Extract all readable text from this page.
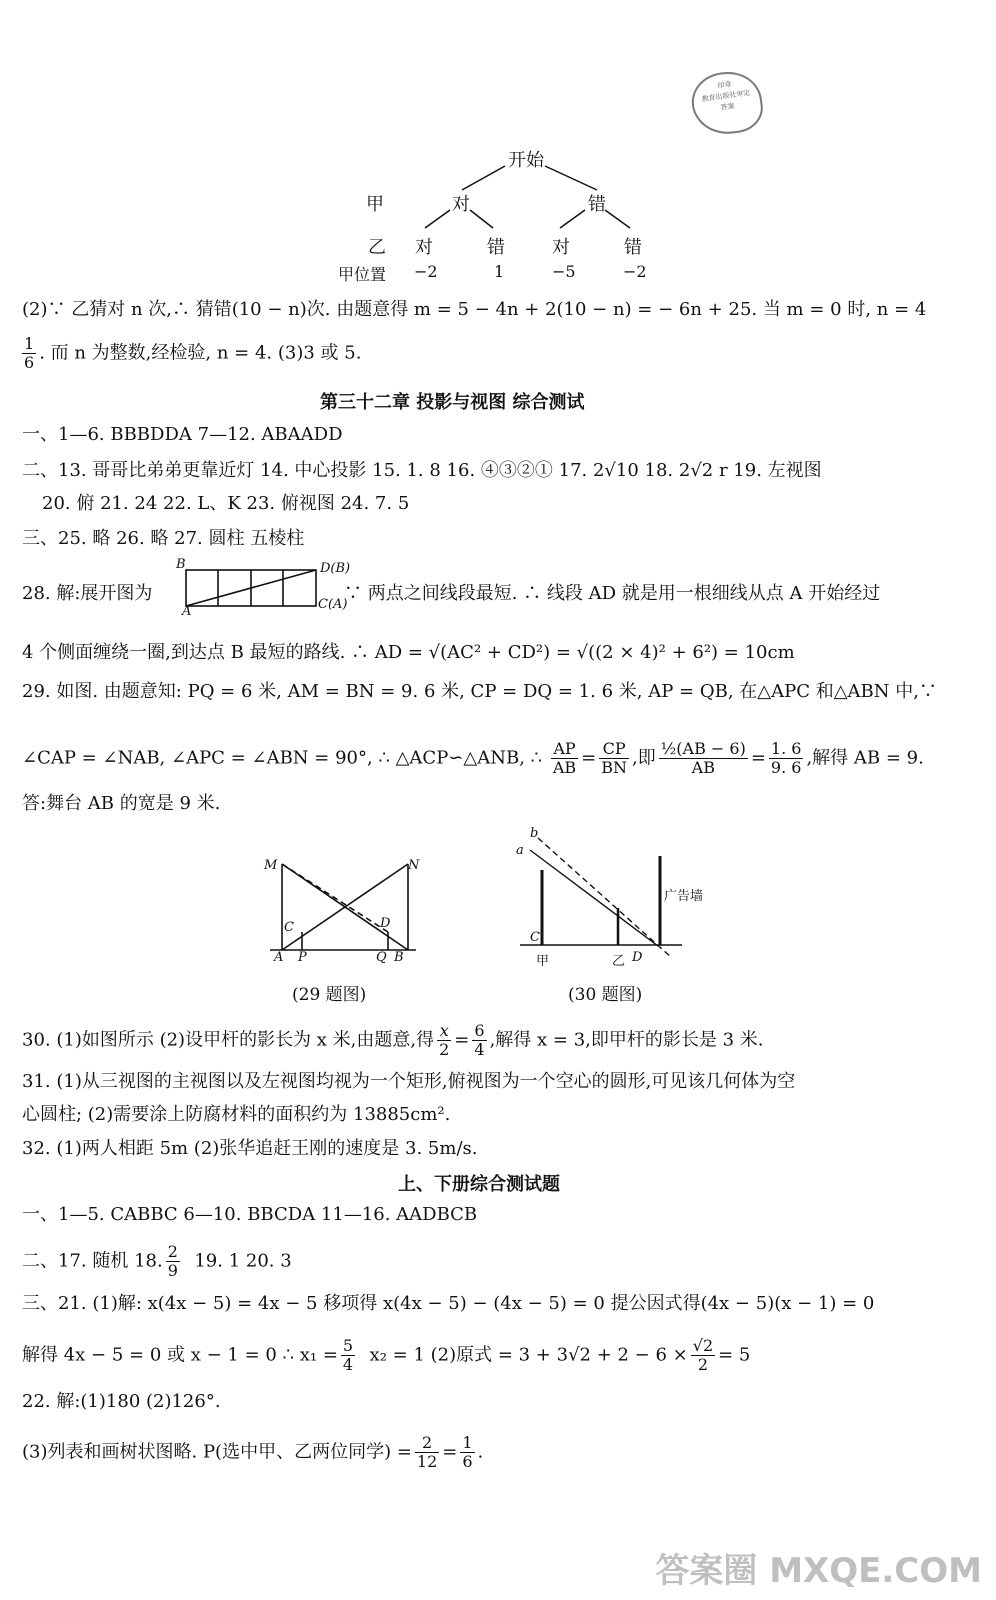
印章
教育出版社审定
答案
开始
甲	对	错
乙 对	错	对	错
甲位置 −2	1	−5	−2
(2)∵ 乙猜对 n 次,∴ 猜错(10 − n)次. 由题意得 m = 5 − 4n + 2(10 − n) = − 6n + 25. 当 m = 0 时, n = 4
$\frac{1}{6}$ . 而 n 为整数,经检验, n = 4. (3)3 或 5.
第三十二章 投影与视图 综合测试
一、1—6. BBBDDA 7—12. ABAADD
二、13. 哥哥比弟弟更靠近灯 14. 中心投影 15. 1. 8 16. ④③②① 17. 2√10 18. 2√2 r 19. 左视图
20. 俯 21. 24 22. L、K 23. 俯视图 24. 7. 5
三、25. 略 26. 略 27. 圆柱 五棱柱
28. 解:展开图为
B	D(B)
A	C(A)
∵ 两点之间线段最短. ∴ 线段 AD 就是用一根细线从点 A 开始经过
4 个侧面缠绕一圈,到达点 B 最短的路线. ∴ AD = √(AC² + CD²) = √((2 × 4)² + 6²) = 10cm
29. 如图. 由题意知: PQ = 6 米, AM = BN = 9. 6 米, CP = DQ = 1. 6 米, AP = QB, 在△APC 和△ABN 中,∵
∠CAP = ∠NAB, ∠APC = ∠ABN = 90°, ∴ △ACP∽△ANB, ∴ $\frac{AP}{AB} = \frac{CP}{BN}$ ,即 $\frac{\text{½(AB − 6)}}{AB} = \frac{1. 6}{9. 6}$ ,解得 AB = 9.
答:舞台 AB 的宽是 9 米.
M	N
C	D
A P	Q B
(29 题图)
b
a
广告墙
C
甲	乙 D
(30 题图)
30. (1)如图所示 (2)设甲杆的影长为 x 米,由题意,得 $\frac{x}{2} = \frac{6}{4}$ ,解得 x = 3,即甲杆的影长是 3 米.
31. (1)从三视图的主视图以及左视图均视为一个矩形,俯视图为一个空心的圆形,可见该几何体为空
心圆柱; (2)需要涂上防腐材料的面积约为 13885cm².
32. (1)两人相距 5m (2)张华追赶王刚的速度是 3. 5m/s.
上、下册综合测试题
一、1—5. CABBC 6—10. BBCDA 11—16. AADBCB
二、17. 随机 18. $\frac{2}{9} 19$. 1 20. 3
三、21. (1)解: x(4x − 5) = 4x − 5 移项得 x(4x − 5) − (4x − 5) = 0 提公因式得(4x − 5)(x − 1) = 0
解得 4x − 5 = 0 或 x − 1 = 0 ∴ $x_1 = \frac{5}{4} x_2 = 1$ (2)原式 = $3 + 3√2 + 2 - 6 \times \frac{√2}{2} = 5$
22. 解:(1)180 (2)126°.
(3)列表和画树状图略. P(选中甲、乙两位同学) = $\frac{2}{12} = \frac{1}{6}$ .
答案圈 MXQE.COM
